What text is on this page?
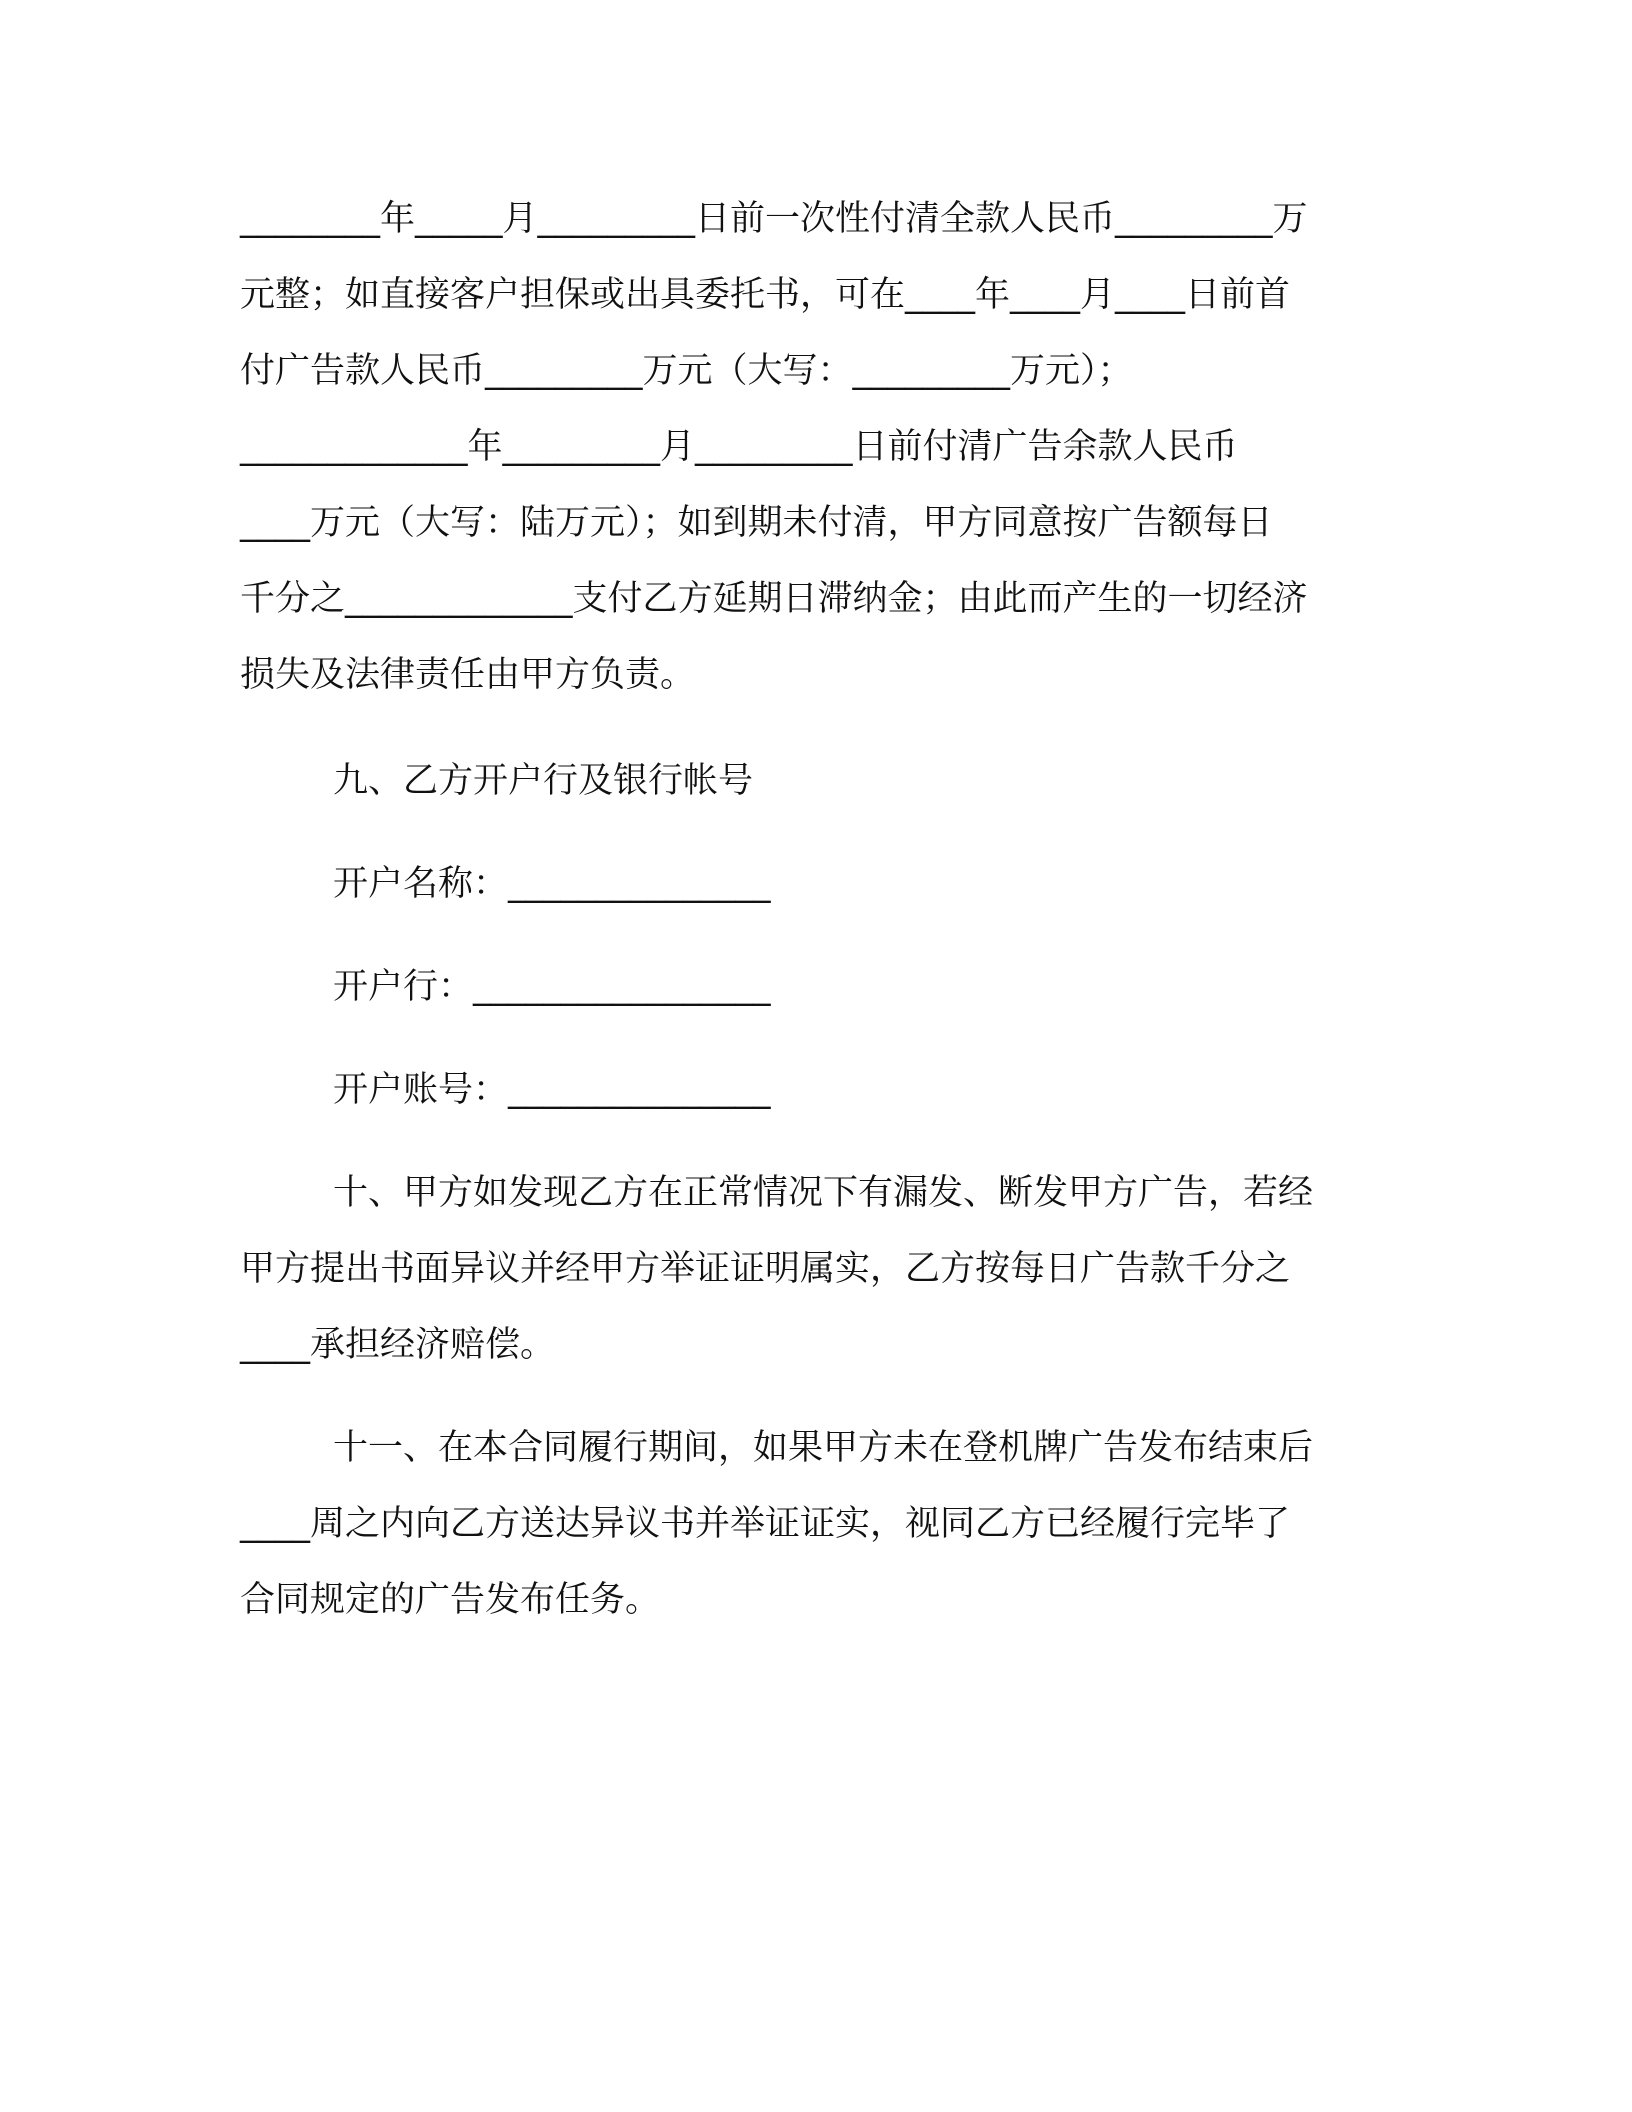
________年_____月_________日前一次性付清全款人民币_________万
元整；如直接客户担保或出具委托书，可在____年____月____日前首
付广告款人民币_________万元（大写：_________万元）；
_____________年_________月_________日前付清广告余款人民币
____万元（大写：陆万元）；如到期未付清，甲方同意按广告额每日
千分之_____________支付乙方延期日滞纳金；由此而产生的一切经济
损失及法律责任由甲方负责。
九、乙方开户行及银行帐号
开户名称：_______________
开户行：_________________
开户账号：_______________
十、甲方如发现乙方在正常情况下有漏发、断发甲方广告，若经
甲方提出书面异议并经甲方举证证明属实，乙方按每日广告款千分之
____承担经济赔偿。
十一、在本合同履行期间，如果甲方未在登机牌广告发布结束后
____周之内向乙方送达异议书并举证证实，视同乙方已经履行完毕了
合同规定的广告发布任务。
